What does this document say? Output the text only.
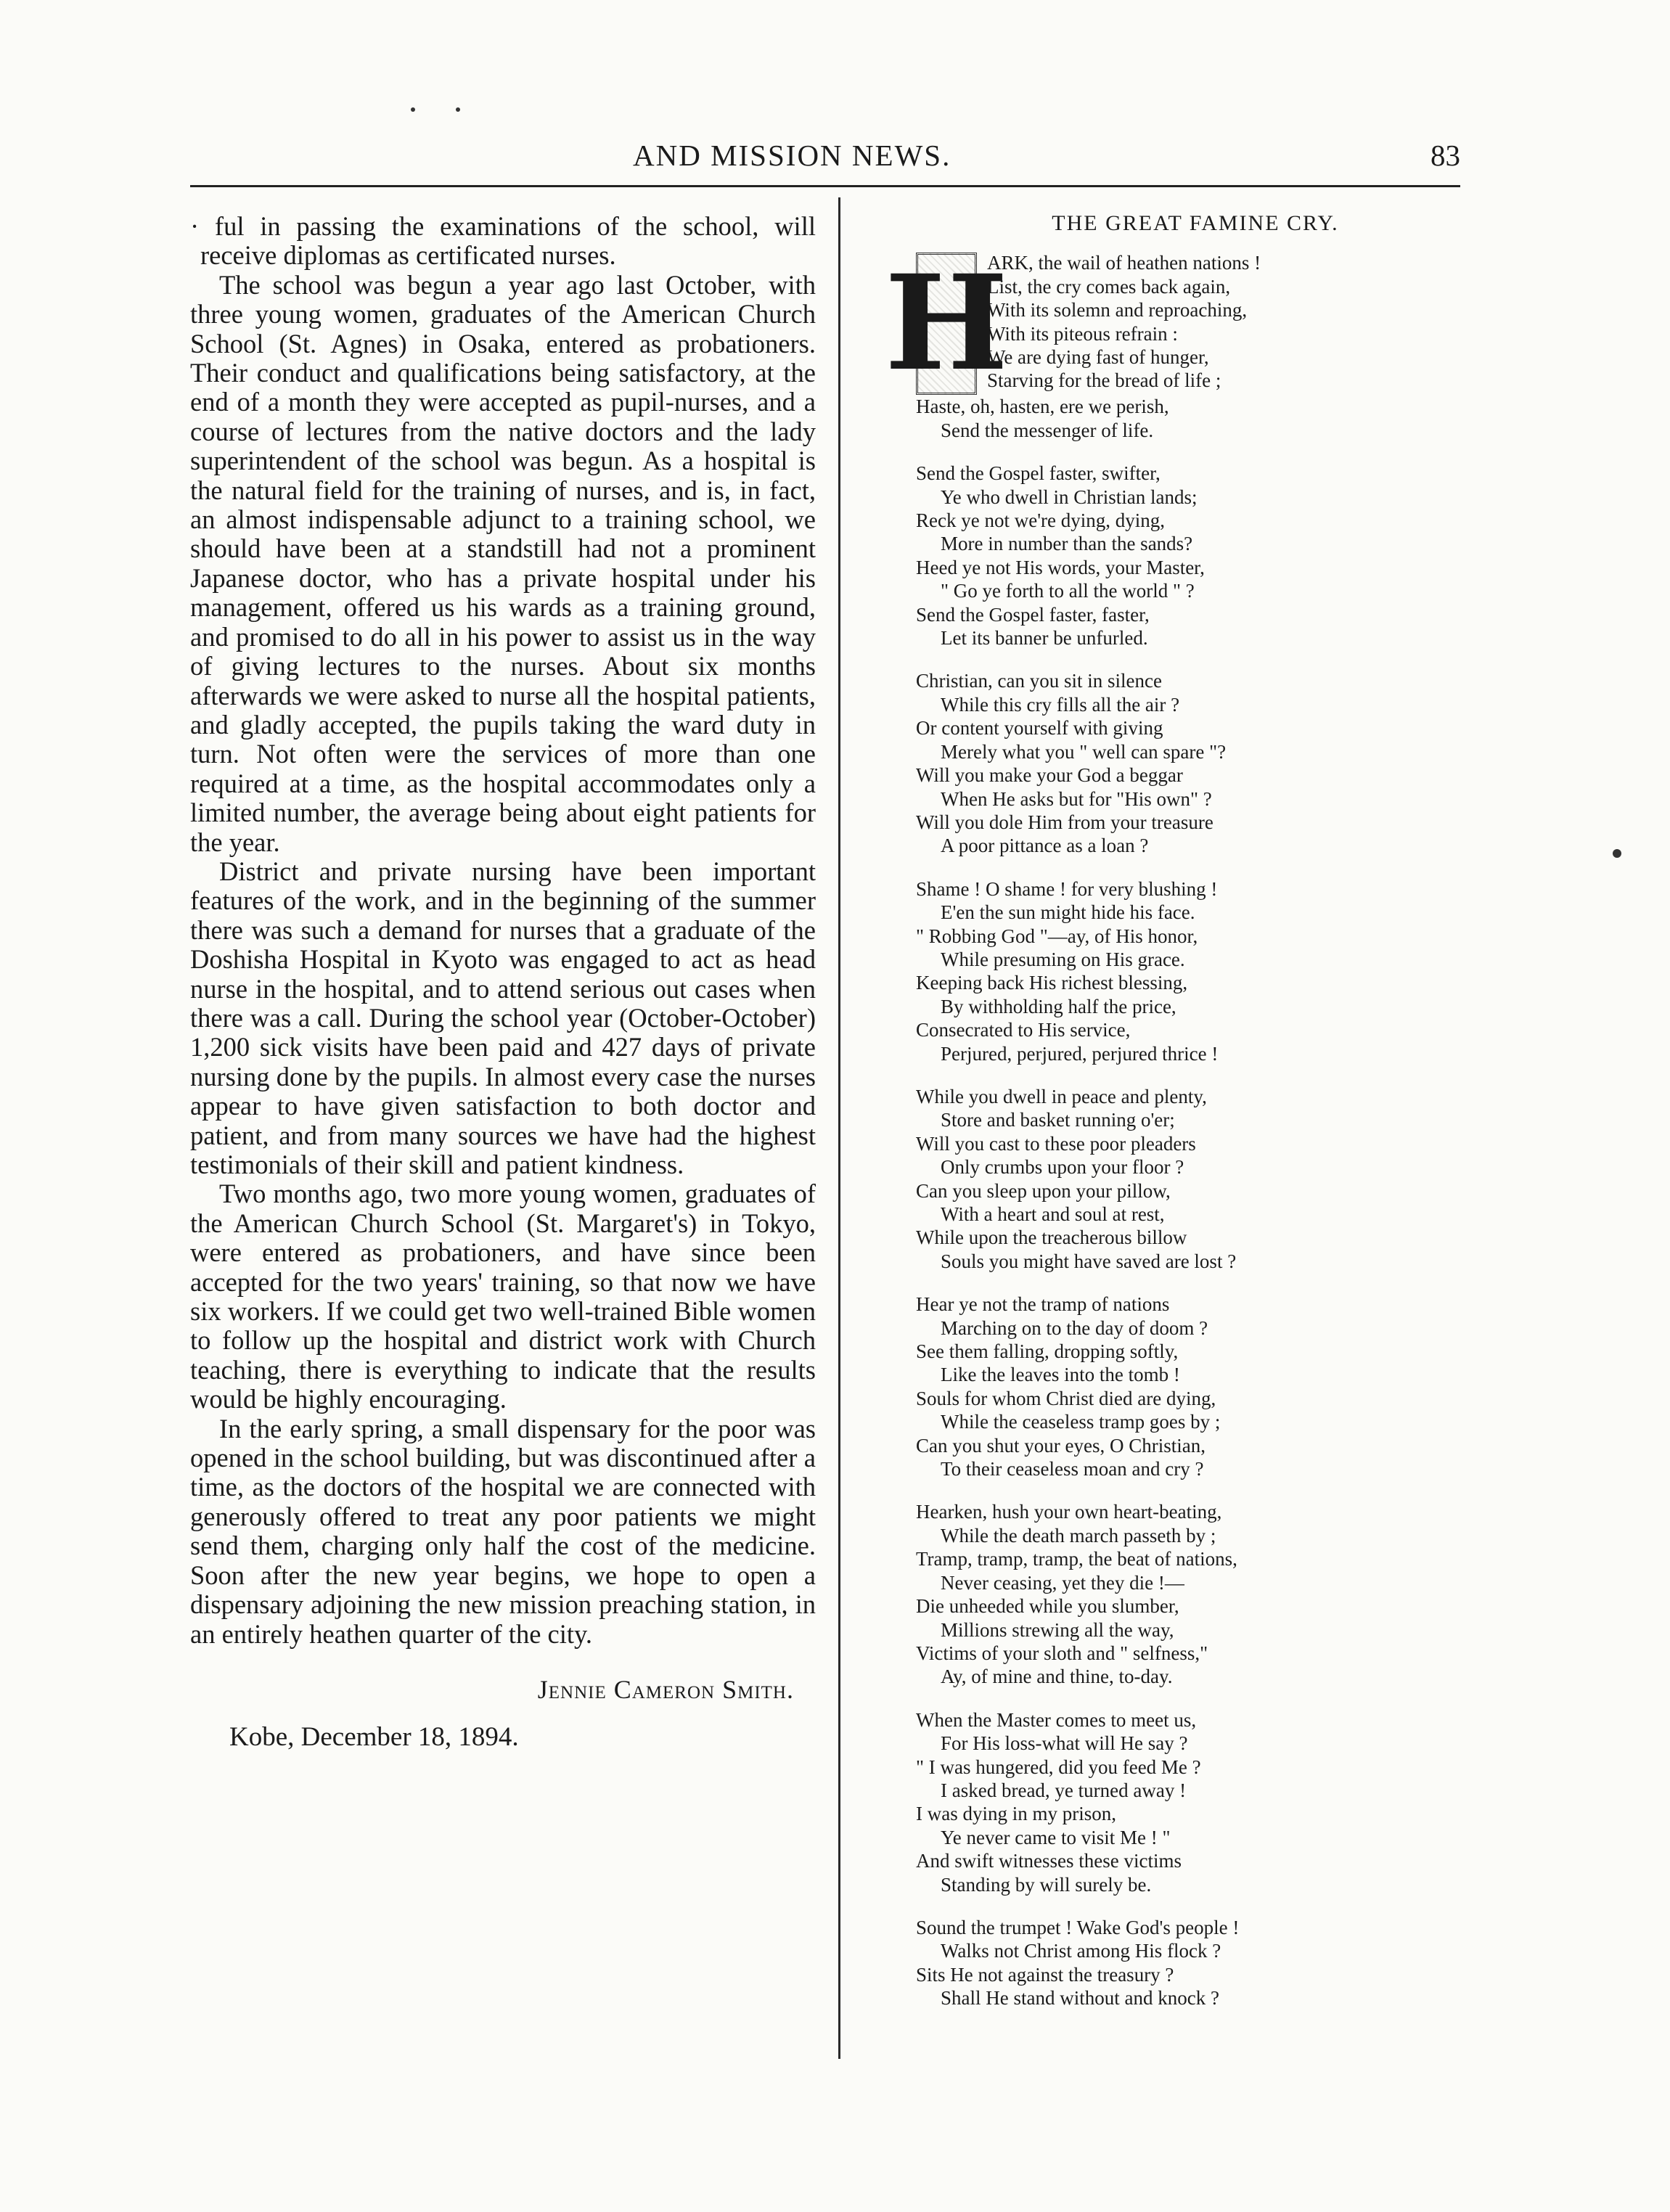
AND MISSION NEWS.	83

· ful in passing the examinations of the school, will receive diplomas as certificated nurses.

The school was begun a year ago last October, with three young women, graduates of the American Church School (St. Agnes) in Osaka, entered as probationers. Their conduct and qualifications being satisfactory, at the end of a month they were accepted as pupil-nurses, and a course of lectures from the native doctors and the lady superintendent of the school was begun. As a hospital is the natural field for the training of nurses, and is, in fact, an almost indispensable adjunct to a training school, we should have been at a standstill had not a prominent Japanese doctor, who has a private hospital under his management, offered us his wards as a training ground, and promised to do all in his power to assist us in the way of giving lectures to the nurses. About six months afterwards we were asked to nurse all the hospital patients, and gladly accepted, the pupils taking the ward duty in turn. Not often were the services of more than one required at a time, as the hospital accommodates only a limited number, the average being about eight patients for the year.

District and private nursing have been important features of the work, and in the beginning of the summer there was such a demand for nurses that a graduate of the Doshisha Hospital in Kyoto was engaged to act as head nurse in the hospital, and to attend serious out cases when there was a call. During the school year (October-October) 1,200 sick visits have been paid and 427 days of private nursing done by the pupils. In almost every case the nurses appear to have given satisfaction to both doctor and patient, and from many sources we have had the highest testimonials of their skill and patient kindness.

Two months ago, two more young women, graduates of the American Church School (St. Margaret's) in Tokyo, were entered as probationers, and have since been accepted for the two years' training, so that now we have six workers. If we could get two well-trained Bible women to follow up the hospital and district work with Church teaching, there is everything to indicate that the results would be highly encouraging.

In the early spring, a small dispensary for the poor was opened in the school building, but was discontinued after a time, as the doctors of the hospital we are connected with generously offered to treat any poor patients we might send them, charging only half the cost of the medicine. Soon after the new year begins, we hope to open a dispensary adjoining the new mission preaching station, in an entirely heathen quarter of the city.

Jennie Cameron Smith.
Kobe, December 18, 1894.
THE GREAT FAMINE CRY.
H
ARK, the wail of heathen nations !
List, the cry comes back again,
With its solemn and reproaching,
With its piteous refrain :
We are dying fast of hunger,
Starving for the bread of life ;
Haste, oh, hasten, ere we perish,
Send the messenger of life.
Send the Gospel faster, swifter,
Ye who dwell in Christian lands;
Reck ye not we're dying, dying,
More in number than the sands?
Heed ye not His words, your Master,
" Go ye forth to all the world " ?
Send the Gospel faster, faster,
Let its banner be unfurled.
Christian, can you sit in silence
While this cry fills all the air ?
Or content yourself with giving
Merely what you " well can spare "?
Will you make your God a beggar
When He asks but for "His own" ?
Will you dole Him from your treasure
A poor pittance as a loan ?
Shame ! O shame ! for very blushing !
E'en the sun might hide his face.
" Robbing God "—ay, of His honor,
While presuming on His grace.
Keeping back His richest blessing,
By withholding half the price,
Consecrated to His service,
Perjured, perjured, perjured thrice !
While you dwell in peace and plenty,
Store and basket running o'er;
Will you cast to these poor pleaders
Only crumbs upon your floor ?
Can you sleep upon your pillow,
With a heart and soul at rest,
While upon the treacherous billow
Souls you might have saved are lost ?
Hear ye not the tramp of nations
Marching on to the day of doom ?
See them falling, dropping softly,
Like the leaves into the tomb !
Souls for whom Christ died are dying,
While the ceaseless tramp goes by ;
Can you shut your eyes, O Christian,
To their ceaseless moan and cry ?
Hearken, hush your own heart-beating,
While the death march passeth by ;
Tramp, tramp, tramp, the beat of nations,
Never ceasing, yet they die !—
Die unheeded while you slumber,
Millions strewing all the way,
Victims of your sloth and " selfness,"
Ay, of mine and thine, to-day.
When the Master comes to meet us,
For His loss-what will He say ?
" I was hungered, did you feed Me ?
I asked bread, ye turned away !
I was dying in my prison,
Ye never came to visit Me ! "
And swift witnesses these victims
Standing by will surely be.
Sound the trumpet ! Wake God's people !
Walks not Christ among His flock ?
Sits He not against the treasury ?
Shall He stand without and knock ?
